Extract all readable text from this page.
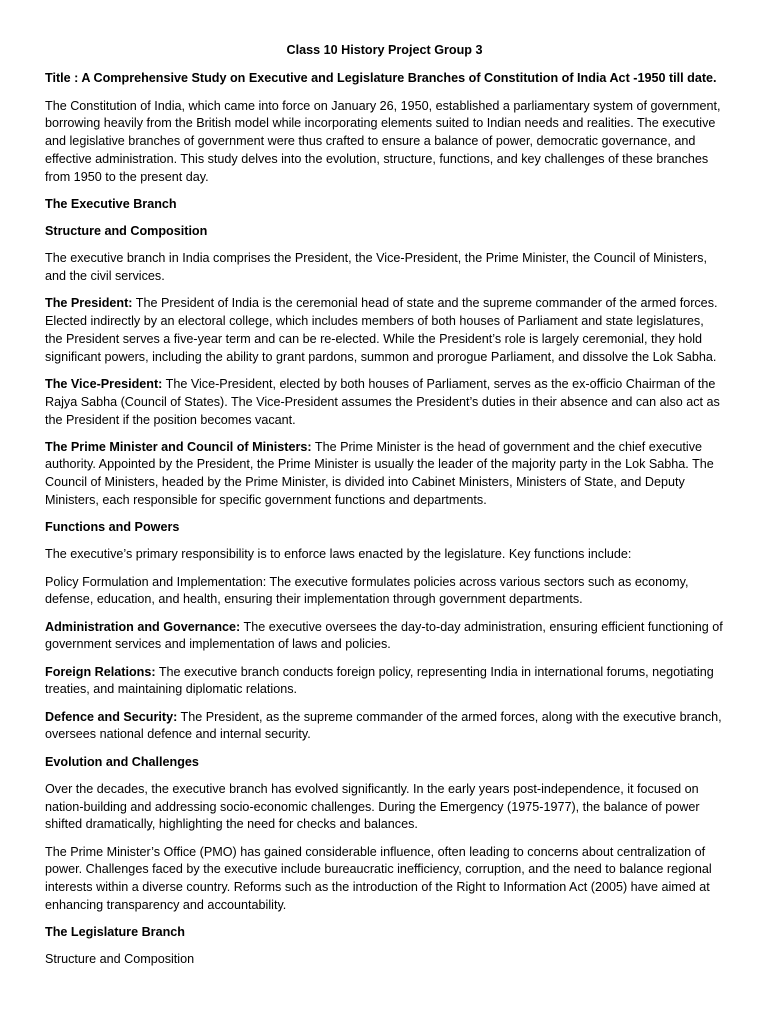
Class 10 History Project Group 3
Title : A Comprehensive Study on Executive and Legislature Branches of Constitution of India Act -1950 till date.

The Constitution of India, which came into force on January 26, 1950, established a parliamentary system of government, borrowing heavily from the British model while incorporating elements suited to Indian needs and realities. The executive and legislative branches of government were thus crafted to ensure a balance of power, democratic governance, and effective administration. This study delves into the evolution, structure, functions, and key challenges of these branches from 1950 to the present day.

The Executive Branch
Structure and Composition

The executive branch in India comprises the President, the Vice-President, the Prime Minister, the Council of Ministers, and the civil services.

The President: The President of India is the ceremonial head of state and the supreme commander of the armed forces. Elected indirectly by an electoral college, which includes members of both houses of Parliament and state legislatures, the President serves a five-year term and can be re-elected. While the President’s role is largely ceremonial, they hold significant powers, including the ability to grant pardons, summon and prorogue Parliament, and dissolve the Lok Sabha.

The Vice-President: The Vice-President, elected by both houses of Parliament, serves as the ex-officio Chairman of the Rajya Sabha (Council of States). The Vice-President assumes the President’s duties in their absence and can also act as the President if the position becomes vacant.

The Prime Minister and Council of Ministers: The Prime Minister is the head of government and the chief executive authority. Appointed by the President, the Prime Minister is usually the leader of the majority party in the Lok Sabha. The Council of Ministers, headed by the Prime Minister, is divided into Cabinet Ministers, Ministers of State, and Deputy Ministers, each responsible for specific government functions and departments.

Functions and Powers

The executive’s primary responsibility is to enforce laws enacted by the legislature. Key functions include:

Policy Formulation and Implementation: The executive formulates policies across various sectors such as economy, defense, education, and health, ensuring their implementation through government departments.

Administration and Governance: The executive oversees the day-to-day administration, ensuring efficient functioning of government services and implementation of laws and policies.

Foreign Relations: The executive branch conducts foreign policy, representing India in international forums, negotiating treaties, and maintaining diplomatic relations.

Defence and Security: The President, as the supreme commander of the armed forces, along with the executive branch, oversees national defence and internal security.

Evolution and Challenges

Over the decades, the executive branch has evolved significantly. In the early years post-independence, it focused on nation-building and addressing socio-economic challenges. During the Emergency (1975-1977), the balance of power shifted dramatically, highlighting the need for checks and balances.

The Prime Minister’s Office (PMO) has gained considerable influence, often leading to concerns about centralization of power. Challenges faced by the executive include bureaucratic inefficiency, corruption, and the need to balance regional interests within a diverse country. Reforms such as the introduction of the Right to Information Act (2005) have aimed at enhancing transparency and accountability.

The Legislature Branch
Structure and Composition
